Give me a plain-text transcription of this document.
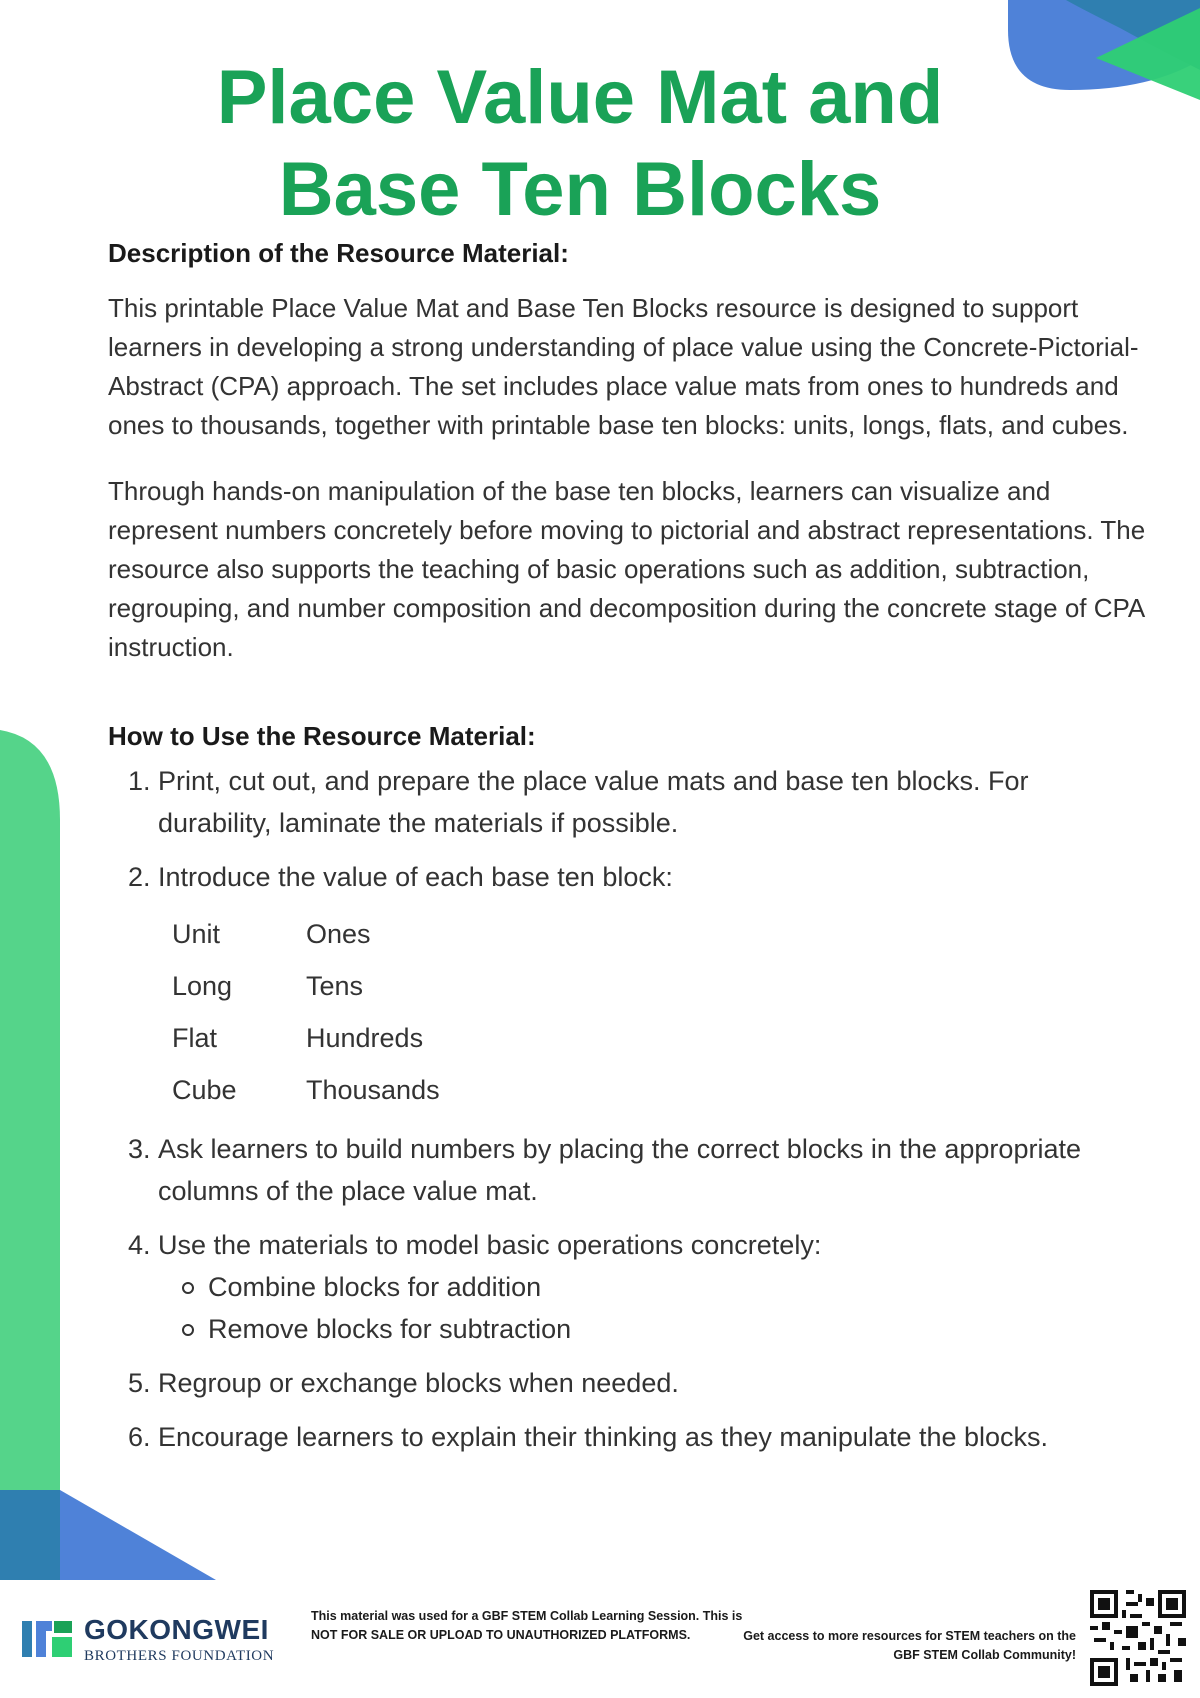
Place Value Mat and
Base Ten Blocks
Description of the Resource Material:

This printable Place Value Mat and Base Ten Blocks resource is designed to support learners in developing a strong understanding of place value using the Concrete-Pictorial-Abstract (CPA) approach. The set includes place value mats from ones to hundreds and ones to thousands, together with printable base ten blocks: units, longs, flats, and cubes.

Through hands-on manipulation of the base ten blocks, learners can visualize and represent numbers concretely before moving to pictorial and abstract representations. The resource also supports the teaching of basic operations such as addition, subtraction, regrouping, and number composition and decomposition during the concrete stage of CPA instruction.

How to Use the Resource Material:
1. Print, cut out, and prepare the place value mats and base ten blocks. For durability, laminate the materials if possible.
2. Introduce the value of each base ten block:
Unit	Ones
Long	Tens
Flat	Hundreds
Cube	Thousands
3. Ask learners to build numbers by placing the correct blocks in the appropriate columns of the place value mat.
4. Use the materials to model basic operations concretely:
Combine blocks for addition
Remove blocks for subtraction
5. Regroup or exchange blocks when needed.
6. Encourage learners to explain their thinking as they manipulate the blocks.
GOKONGWEI
BROTHERS FOUNDATION
This material was used for a GBF STEM Collab Learning Session. This is NOT FOR SALE OR UPLOAD TO UNAUTHORIZED PLATFORMS.	Get access to more resources for STEM teachers on the GBF STEM Collab Community!
